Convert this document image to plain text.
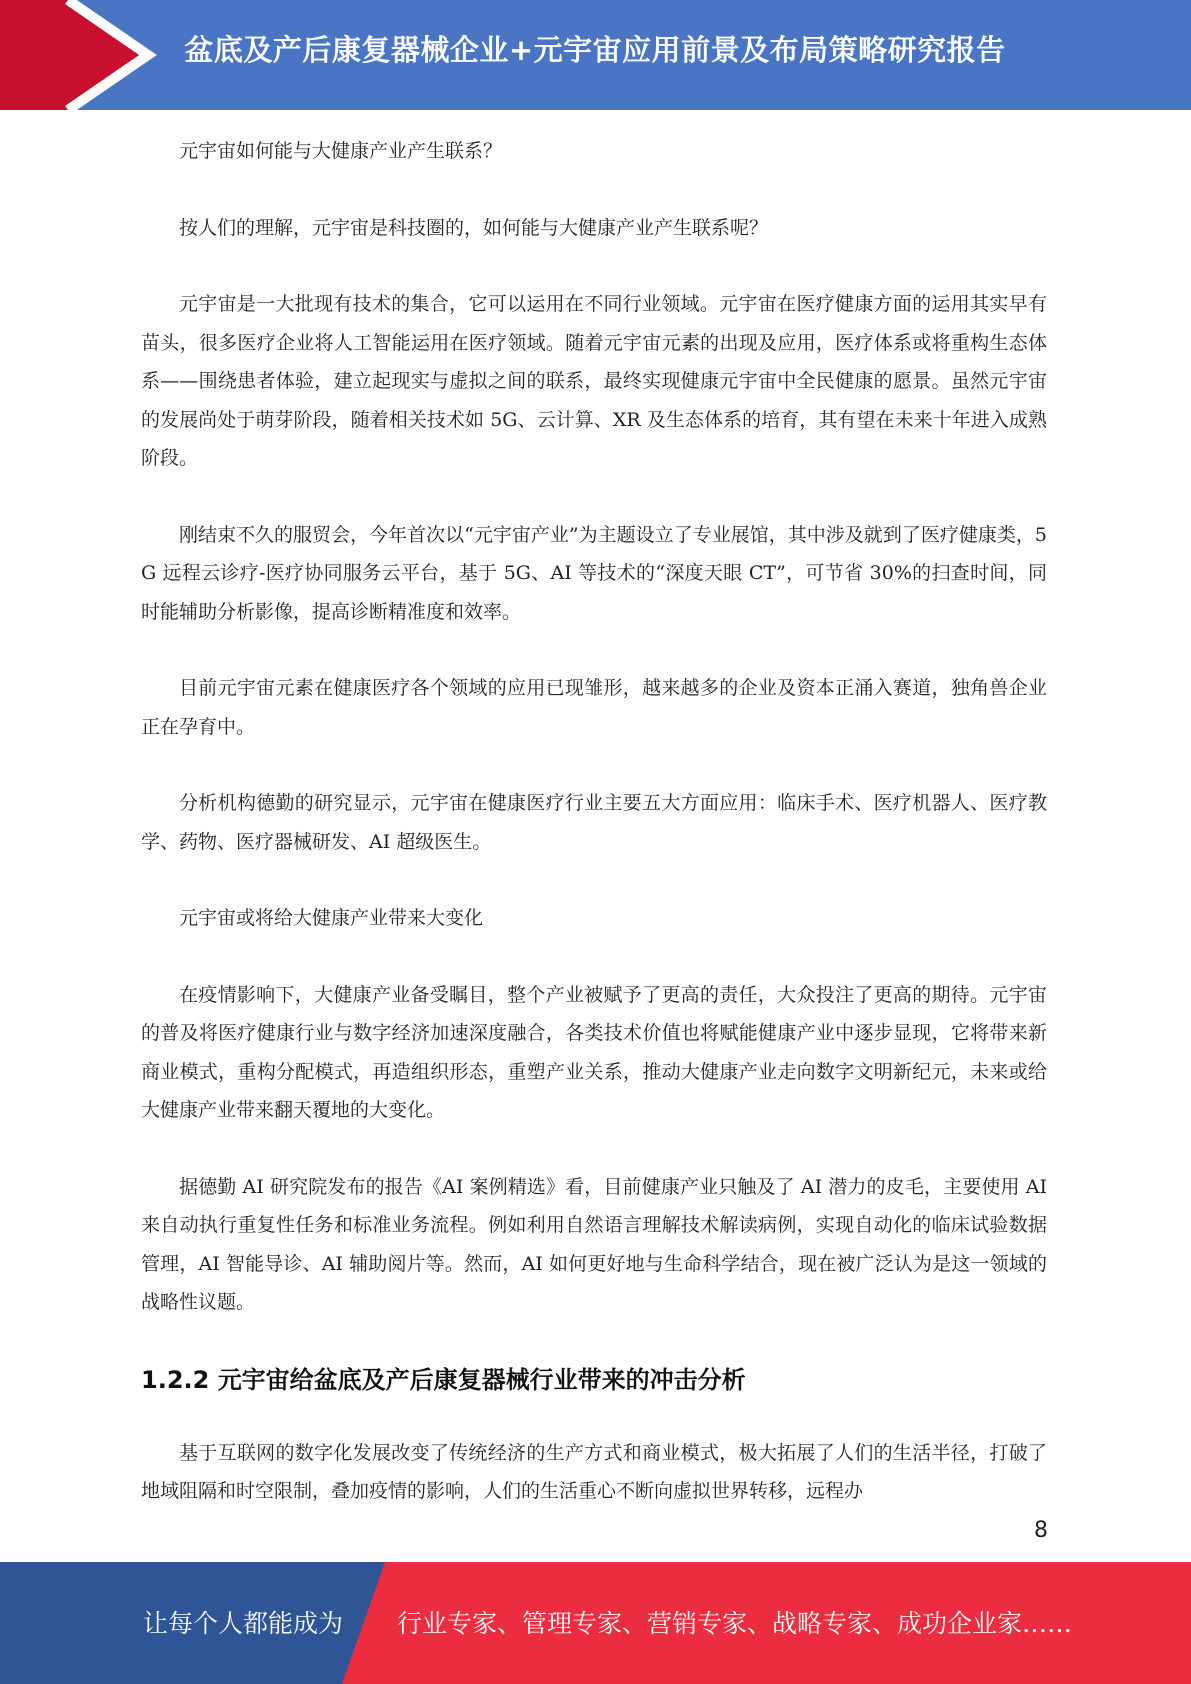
盆底及产后康复器械企业+元宇宙应用前景及布局策略研究报告

元宇宙如何能与大健康产业产生联系？

按人们的理解，元宇宙是科技圈的，如何能与大健康产业产生联系呢？

元宇宙是一大批现有技术的集合，它可以运用在不同行业领域。元宇宙在医疗健康方面的运用其实早有苗头，很多医疗企业将人工智能运用在医疗领域。随着元宇宙元素的出现及应用，医疗体系或将重构生态体系——围绕患者体验，建立起现实与虚拟之间的联系，最终实现健康元宇宙中全民健康的愿景。虽然元宇宙的发展尚处于萌芽阶段，随着相关技术如 5G、云计算、XR 及生态体系的培育，其有望在未来十年进入成熟阶段。

刚结束不久的服贸会，今年首次以“元宇宙产业”为主题设立了专业展馆，其中涉及就到了医疗健康类，5G 远程云诊疗-医疗协同服务云平台，基于 5G、AI 等技术的“深度天眼 CT”，可节省 30%的扫查时间，同时能辅助分析影像，提高诊断精准度和效率。

目前元宇宙元素在健康医疗各个领域的应用已现雏形，越来越多的企业及资本正涌入赛道，独角兽企业正在孕育中。

分析机构德勤的研究显示，元宇宙在健康医疗行业主要五大方面应用：临床手术、医疗机器人、医疗教学、药物、医疗器械研发、AI 超级医生。

元宇宙或将给大健康产业带来大变化

在疫情影响下，大健康产业备受瞩目，整个产业被赋予了更高的责任，大众投注了更高的期待。元宇宙的普及将医疗健康行业与数字经济加速深度融合，各类技术价值也将赋能健康产业中逐步显现，它将带来新商业模式，重构分配模式，再造组织形态，重塑产业关系，推动大健康产业走向数字文明新纪元，未来或给大健康产业带来翻天覆地的大变化。

据德勤 AI 研究院发布的报告《AI 案例精选》看，目前健康产业只触及了 AI 潜力的皮毛，主要使用 AI 来自动执行重复性任务和标准业务流程。例如利用自然语言理解技术解读病例，实现自动化的临床试验数据管理，AI 智能导诊、AI 辅助阅片等。然而，AI 如何更好地与生命科学结合，现在被广泛认为是这一领域的战略性议题。

1.2.2 元宇宙给盆底及产后康复器械行业带来的冲击分析

基于互联网的数字化发展改变了传统经济的生产方式和商业模式，极大拓展了人们的生活半径，打破了地域阻隔和时空限制，叠加疫情的影响，人们的生活重心不断向虚拟世界转移，远程办

8
让每个人都能成为 行业专家、管理专家、营销专家、战略专家、成功企业家……
